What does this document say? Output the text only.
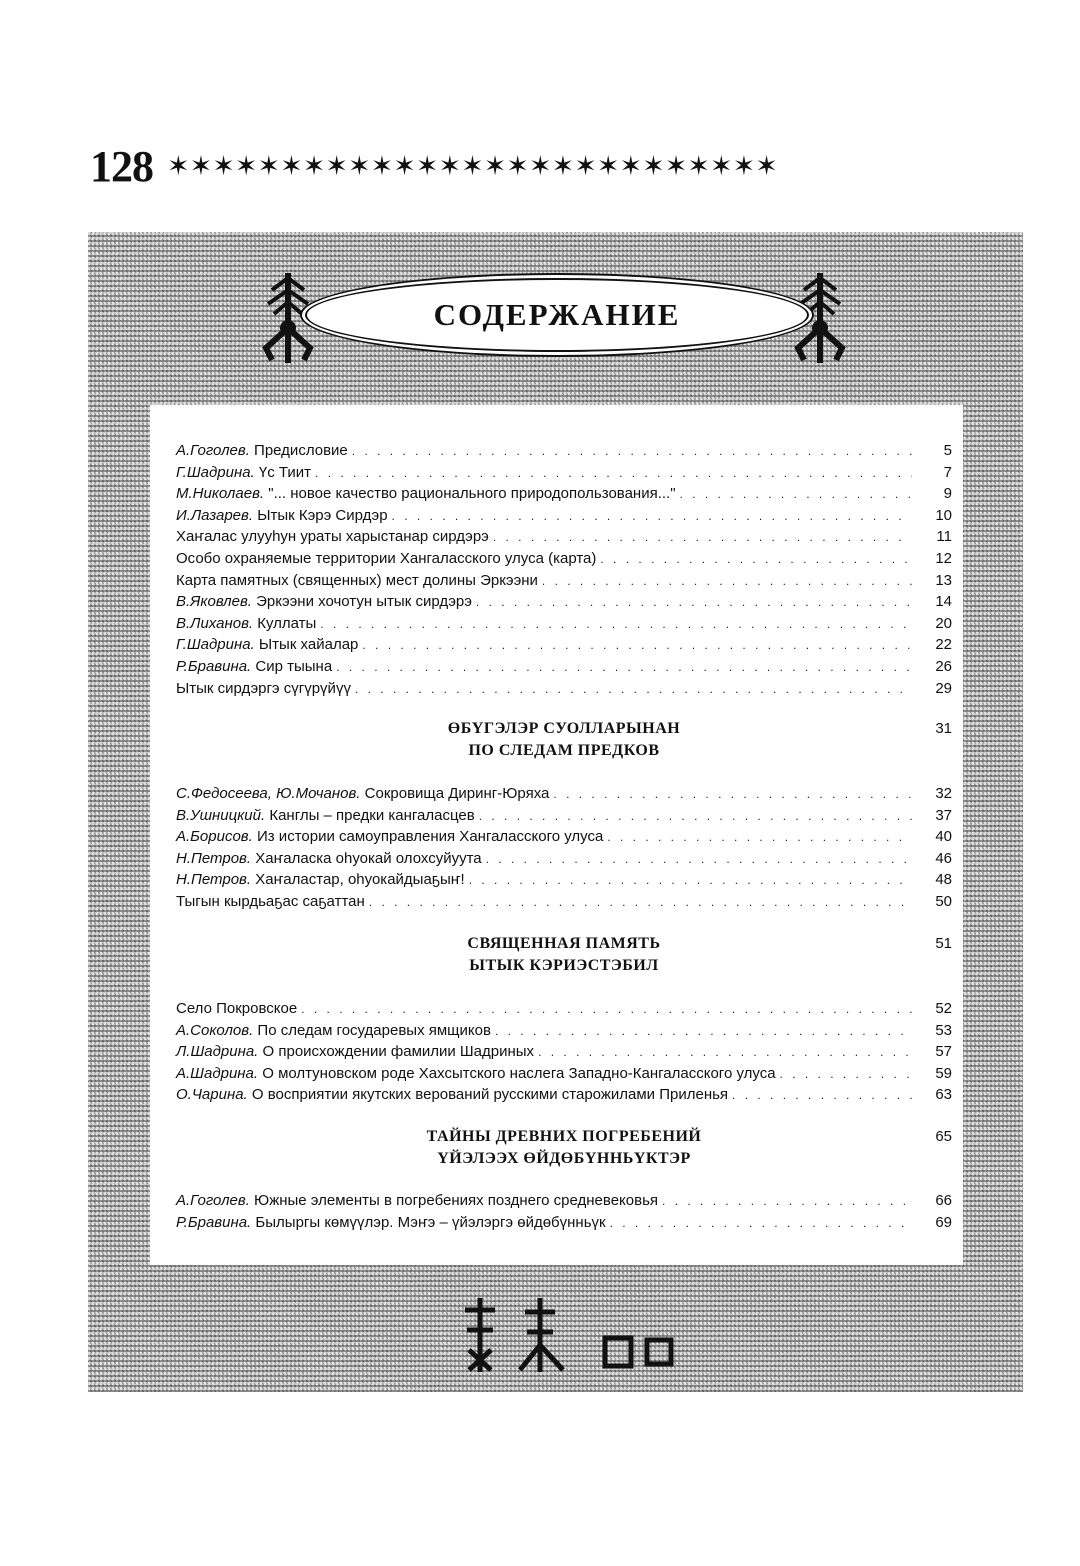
128 ✶✶✶✶✶✶✶✶✶✶✶✶✶✶✶✶✶✶✶✶✶✶✶✶✶✶✶
СОДЕРЖАНИЕ
А.Гоголев. Предисловие . . .	5
Г.Шадрина. Үс Тиит . . .	7
М.Николаев. "... новое качество рационального природопользования..." . . .	9
И.Лазарев. Ытык Кэрэ Сирдэр . . .	10
Хаҥалас улууһун ураты харыстанар сирдэрэ . . .	11
Особо охраняемые территории Хангаласского улуса (карта) . . .	12
Карта памятных (священных) мест долины Эркээни . . .	13
В.Яковлев. Эркээни хочотун ытык сирдэрэ . . .	14
В.Лиханов. Куллаты . . .	20
Г.Шадрина. Ытык хайалар . . .	22
Р.Бравина. Сир тыына . . .	26
Ытык сирдэргэ сүгүрүйүү . . .	29
ӨБҮГЭЛЭР СУОЛЛАРЫНАН
ПО СЛЕДАМ ПРЕДКОВ
31
С.Федосеева, Ю.Мочанов. Сокровища Диринг-Юряха . . .	32
В.Ушницкий. Канглы – предки кангаласцев . . .	37
А.Борисов. Из истории самоуправления Хангаласского улуса . . .	40
Н.Петров. Хаҥаласка оһуокай олохсуйуута . . .	46
Н.Петров. Хаҥаластар, оһуокайдыаҕыҥ! . . .	48
Тыгын кырдьаҕас саҕаттан . . .	50
СВЯЩЕННАЯ ПАМЯТЬ
ЫТЫК КЭРИЭСТЭБИЛ
51
Село Покровское . . .	52
А.Соколов. По следам государевых ямщиков . . .	53
Л.Шадрина. О происхождении фамилии Шадриных . . .	57
А.Шадрина. О молтуновском роде Хахсытского наслега Западно-Кангаласского улуса . . .	59
О.Чарина. О восприятии якутских верований русскими старожилами Приленья . . .	63
ТАЙНЫ ДРЕВНИХ ПОГРЕБЕНИЙ
ҮЙЭЛЭЭХ ӨЙДӨБҮННЬҮКТЭР
65
А.Гоголев. Южные элементы в погребениях позднего средневековья . . .	66
Р.Бравина. Былыргы көмүүлэр. Мэҥэ – үйэлэргэ өйдөбүнньүк . . .	69
